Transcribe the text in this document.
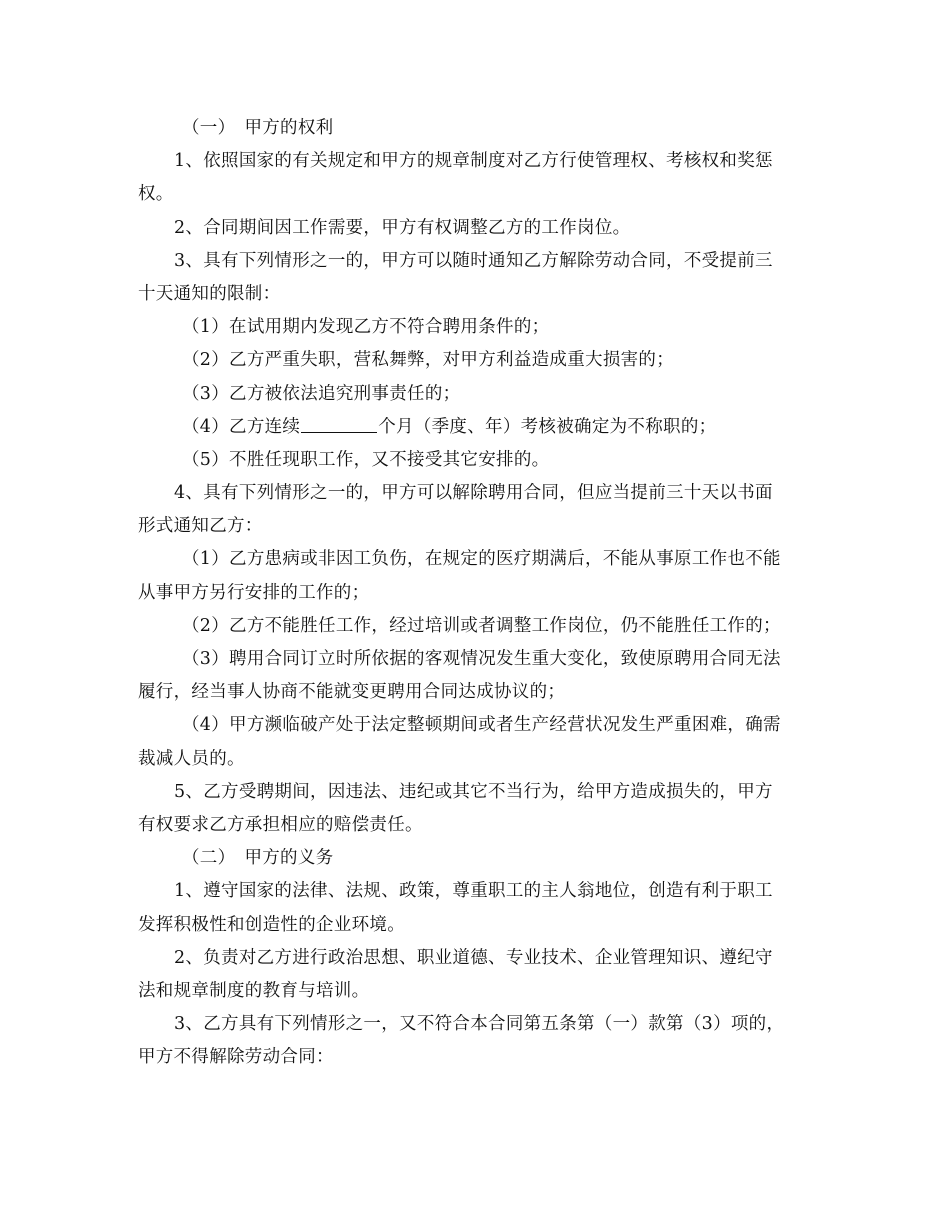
（一）　甲方的权利
1、依照国家的有关规定和甲方的规章制度对乙方行使管理权、考核权和奖惩
权。
2、合同期间因工作需要，甲方有权调整乙方的工作岗位。
3、具有下列情形之一的，甲方可以随时通知乙方解除劳动合同，不受提前三
十天通知的限制：
（1）在试用期内发现乙方不符合聘用条件的；
（2）乙方严重失职，营私舞弊，对甲方利益造成重大损害的；
（3）乙方被依法追究刑事责任的；
（4）乙方连续	个月（季度、年）考核被确定为不称职的；
（5）不胜任现职工作，又不接受其它安排的。
4、具有下列情形之一的，甲方可以解除聘用合同，但应当提前三十天以书面
形式通知乙方：
（1）乙方患病或非因工负伤，在规定的医疗期满后，不能从事原工作也不能
从事甲方另行安排的工作的；
（2）乙方不能胜任工作，经过培训或者调整工作岗位，仍不能胜任工作的；
（3）聘用合同订立时所依据的客观情况发生重大变化，致使原聘用合同无法
履行，经当事人协商不能就变更聘用合同达成协议的；
（4）甲方濒临破产处于法定整顿期间或者生产经营状况发生严重困难，确需
裁减人员的。
5、乙方受聘期间，因违法、违纪或其它不当行为，给甲方造成损失的，甲方
有权要求乙方承担相应的赔偿责任。
（二）　甲方的义务
1、遵守国家的法律、法规、政策，尊重职工的主人翁地位，创造有利于职工
发挥积极性和创造性的企业环境。
2、负责对乙方进行政治思想、职业道德、专业技术、企业管理知识、遵纪守
法和规章制度的教育与培训。
3、乙方具有下列情形之一，又不符合本合同第五条第（一）款第（3）项的，
甲方不得解除劳动合同：
